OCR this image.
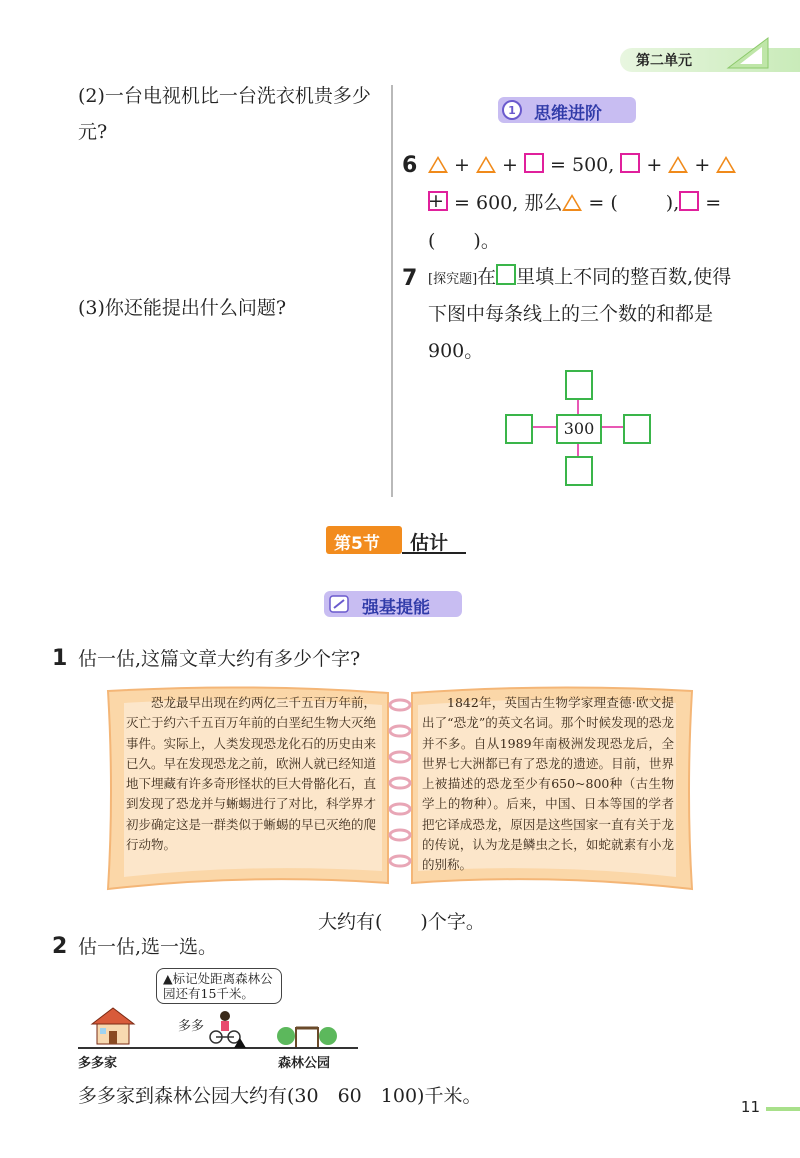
第二单元
(2)一台电视机比一台洗衣机贵多少元?
(3)你还能提出什么问题?
1 思维进阶
6	+  +  = 500,  +  +  + = 600, 那么 = (	), =
(　　)。
7 [探究题]在 里填上不同的整百数,使得下图中每条线上的三个数的和都是900。
300
第5节 估计
强基提能
1 估一估,这篇文章大约有多少个字?
恐龙最早出现在约两亿三千五百万年前，灭亡于约六千五百万年前的白垩纪生物大灭绝事件。实际上，人类发现恐龙化石的历史由来已久。早在发现恐龙之前，欧洲人就已经知道地下埋藏有许多奇形怪状的巨大骨骼化石，直到发现了恐龙并与蜥蜴进行了对比，科学界才初步确定这是一群类似于蜥蜴的早已灭绝的爬行动物。
1842年，英国古生物学家理查德·欧文提出了“恐龙”的英文名词。那个时候发现的恐龙并不多。自从1989年南极洲发现恐龙后，全世界七大洲都已有了恐龙的遗迹。目前，世界上被描述的恐龙至少有650~800种（古生物学上的物种）。后来，中国、日本等国的学者把它译成恐龙，原因是这些国家一直有关于龙的传说，认为龙是鳞虫之长，如蛇就素有小龙的别称。
大约有(　　)个字。
2 估一估,选一选。
▲标记处距离森林公园还有15千米。
多多
多多家	森林公园
多多家到森林公园大约有(30　60　100)千米。	11
